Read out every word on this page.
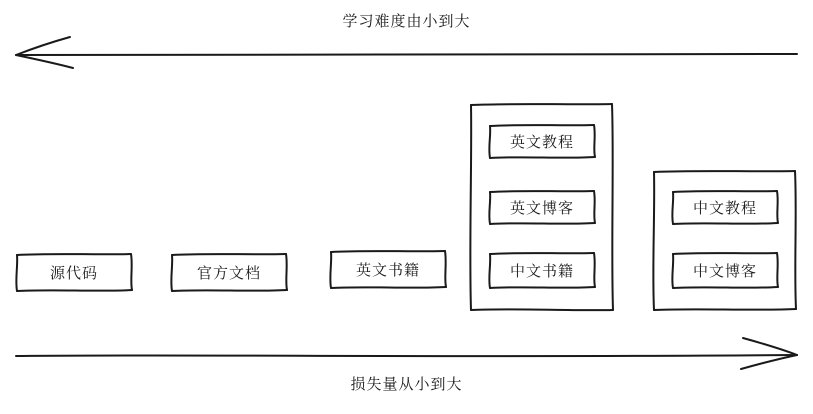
学习难度由小到大
损失量从小到大
源代码	官方文档	英文书籍
英文教程
英文博客
中文书籍
中文教程
中文博客
